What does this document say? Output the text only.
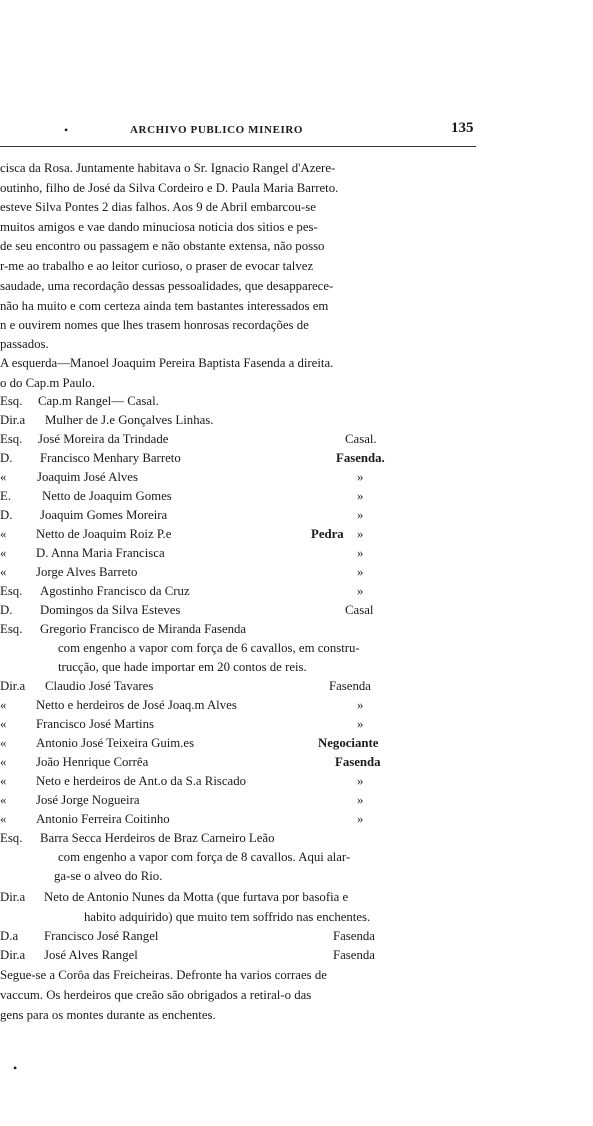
•	ARCHIVO PUBLICO MINEIRO	135
cisca da Rosa. Juntamente habitava o Sr. Ignacio Rangel d'Azere-
outinho, filho de José da Silva Cordeiro e D. Paula Maria Barreto.
esteve Silva Pontes 2 dias falhos. Aos 9 de Abril embarcou-se
muitos amigos e vae dando minuciosa noticia dos sitios e pes-
de seu encontro ou passagem e não obstante extensa, não posso
r-me ao trabalho e ao leitor curioso, o praser de evocar talvez
saudade, uma recordação dessas pessoalidades, que desapparece-
não ha muito e com certeza ainda tem bastantes interessados em
n e ouvirem nomes que lhes trasem honrosas recordações de
passados.
A esquerda—Manoel Joaquim Pereira Baptista Fasenda a direita.
o do Cap.m Paulo.
Esq. Cap.m Rangel— Casal.
Dir.a Mulher de J.e Gonçalves Linhas.
Esq. José Moreira da Trindade	Casal.
D. Francisco Menhary Barreto	Fasenda.
« Joaquim José Alves	»
E. Netto de Joaquim Gomes	»
D. Joaquim Gomes Moreira	»
« Netto de Joaquim Roiz P.e	Pedra »
« D. Anna Maria Francisca	»
« Jorge Alves Barreto	»
Esq. Agostinho Francisco da Cruz	»
D. Domingos da Silva Esteves	Casal
Esq. Gregorio Francisco de Miranda Fasenda
com engenho a vapor com força de 6 cavallos, em constru-
trucção, que hade importar em 20 contos de reis.
Dir.a Claudio José Tavares	Fasenda
« Netto e herdeiros de José Joaq.m Alves	»
« Francisco José Martins	»
« Antonio José Teixeira Guim.es	Negociante
« João Henrique Corrêa	Fasenda
« Neto e herdeiros de Ant.o da S.a Riscado	»
« José Jorge Nogueira	»
« Antonio Ferreira Coitinho	»
Esq. Barra Secca Herdeiros de Braz Carneiro Leão
com engenho a vapor com força de 8 cavallos. Aqui alar-
ga-se o alveo do Rio.
Dir.a Neto de Antonio Nunes da Motta (que furtava por basofia e
habito adquirido) que muito tem soffrido nas enchentes.
D.a Francisco José Rangel	Fasenda
Dir.a José Alves Rangel	Fasenda
Segue-se a Corôa das Freicheiras. Defronte ha varios corraes de
vaccum. Os herdeiros que creão são obrigados a retiral-o das
gens para os montes durante as enchentes.
•
